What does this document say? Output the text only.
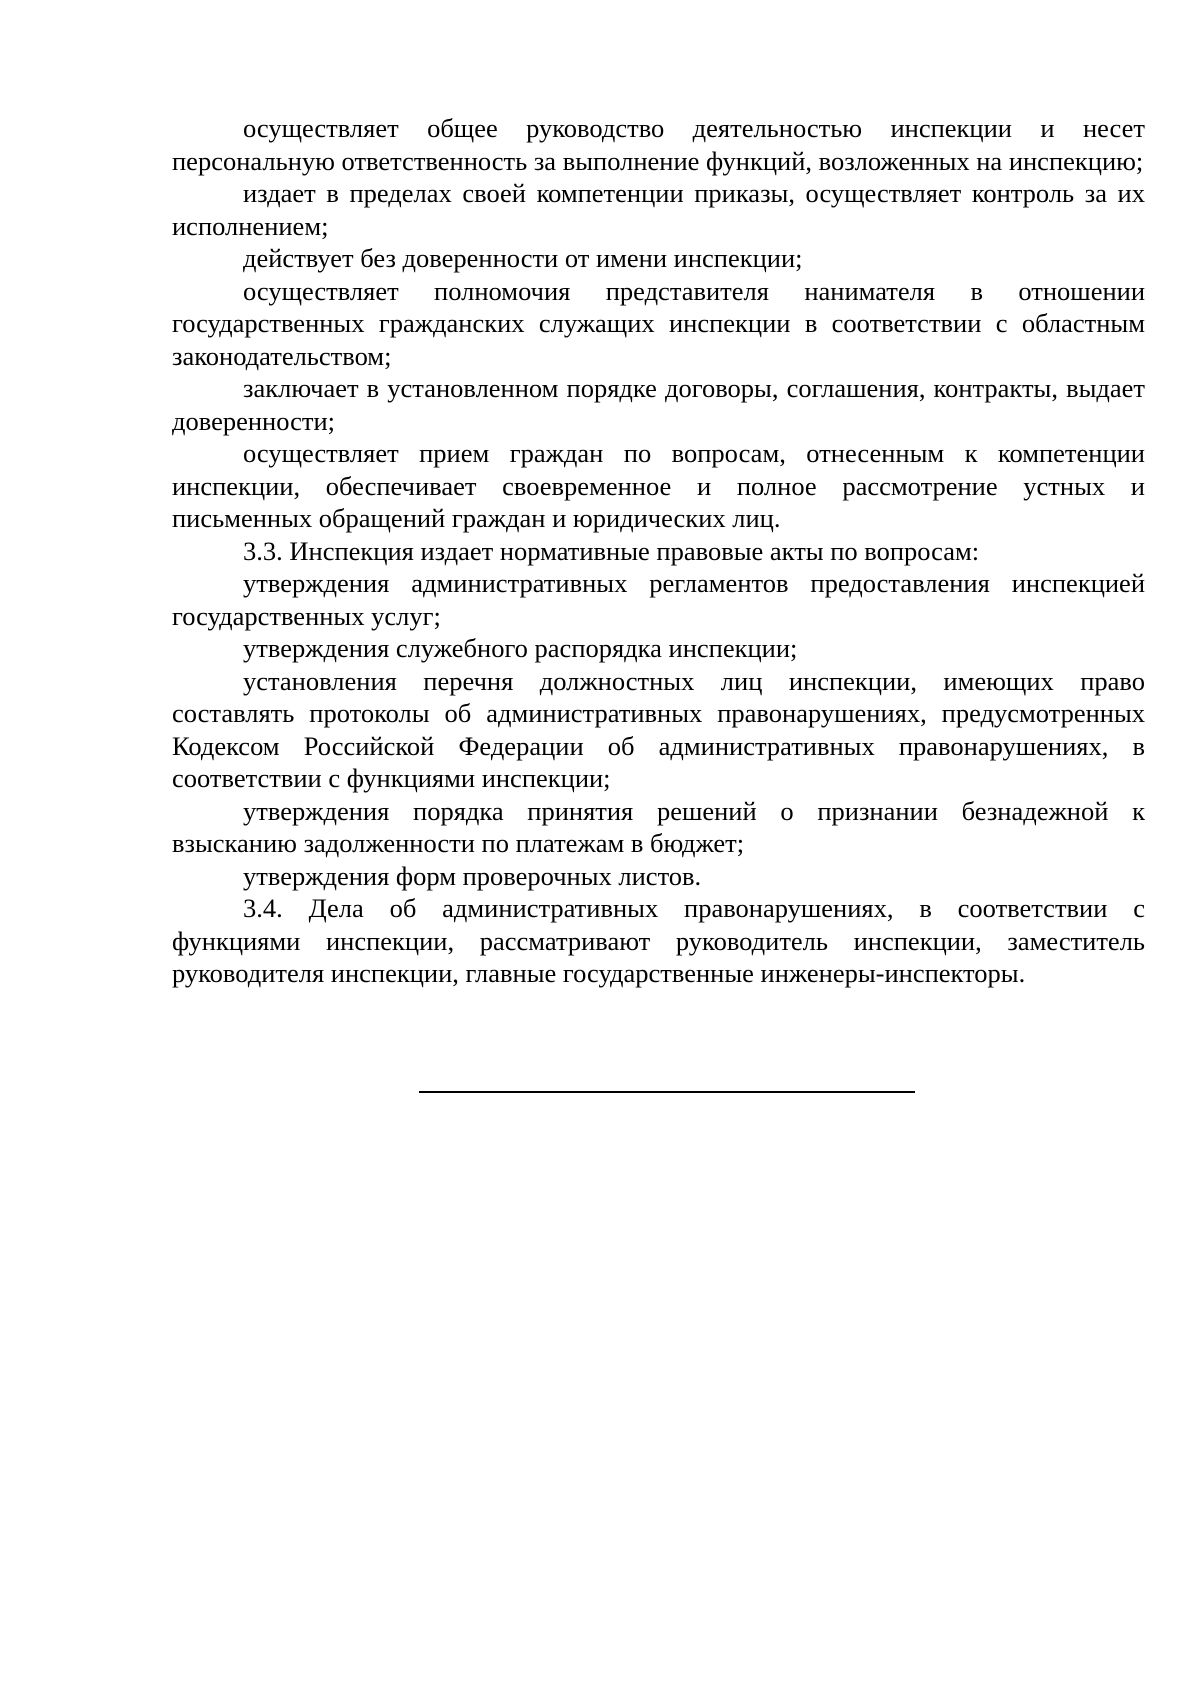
осуществляет общее руководство деятельностью инспекции и несет персональную ответственность за выполнение функций, возложенных на инспекцию;

издает в пределах своей компетенции приказы, осуществляет контроль за их исполнением;

действует без доверенности от имени инспекции;

осуществляет полномочия представителя нанимателя в отношении государственных гражданских служащих инспекции в соответствии с областным законодательством;

заключает в установленном порядке договоры, соглашения, контракты, выдает доверенности;

осуществляет прием граждан по вопросам, отнесенным к компетенции инспекции, обеспечивает своевременное и полное рассмотрение устных и письменных обращений граждан и юридических лиц.

3.3. Инспекция издает нормативные правовые акты по вопросам:

утверждения административных регламентов предоставления инспекцией государственных услуг;

утверждения служебного распорядка инспекции;

установления перечня должностных лиц инспекции, имеющих право составлять протоколы об административных правонарушениях, предусмотренных Кодексом Российской Федерации об административных правонарушениях, в соответствии с функциями инспекции;

утверждения порядка принятия решений о признании безнадежной к взысканию задолженности по платежам в бюджет;

утверждения форм проверочных листов.

3.4. Дела об административных правонарушениях, в соответствии с функциями инспекции, рассматривают руководитель инспекции, заместитель руководителя инспекции, главные государственные инженеры-инспекторы.
